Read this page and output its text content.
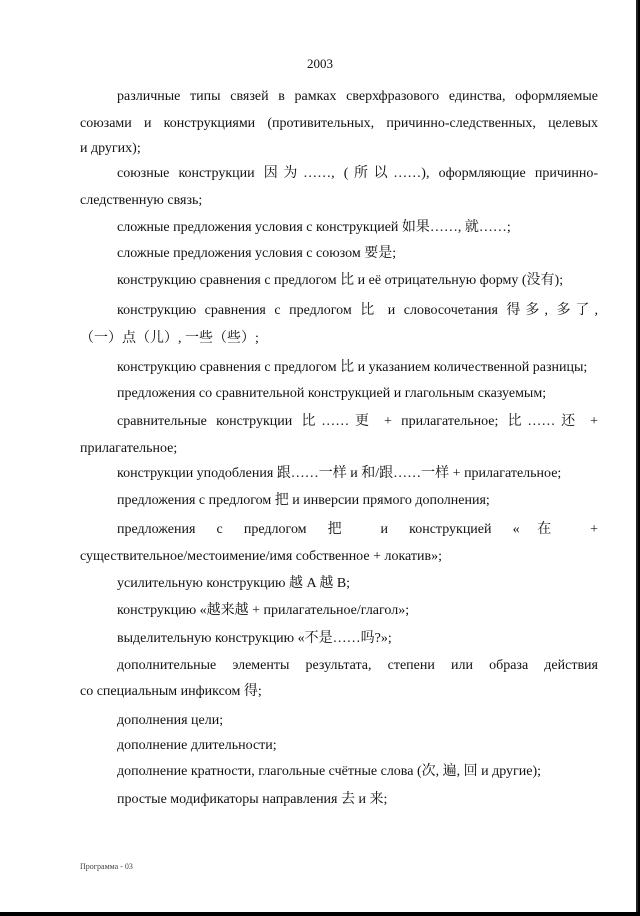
2003
различные типы связей в рамках сверхфразового единства, оформляемые
союзами и конструкциями (противительных, причинно-следственных, целевых
и других);
союзные конструкции 因为……, (所以……), оформляющие причинно-
следственную связь;
сложные предложения условия с конструкцией 如果……, 就……;
сложные предложения условия с союзом 要是;
конструкцию сравнения с предлогом 比 и её отрицательную форму (没有);
конструкцию сравнения с предлогом 比 и словосочетания 得多, 多了,
（一）点（儿）, 一些（些）;
конструкцию сравнения с предлогом 比 и указанием количественной разницы;
предложения со сравнительной конструкцией и глагольным сказуемым;
сравнительные конструкции 比……更 + прилагательное; 比……还 +
прилагательное;
конструкции уподобления 跟……一样 и 和/跟……一样 + прилагательное;
предложения с предлогом 把 и инверсии прямого дополнения;
предложения с предлогом 把 и конструкцией «在 +
существительное/местоимение/имя собственное + локатив»;
усилительную конструкцию 越 A 越 B;
конструкцию «越来越 + прилагательное/глагол»;
выделительную конструкцию «不是……吗?»;
дополнительные элементы результата, степени или образа действия
со специальным инфиксом 得;
дополнения цели;
дополнение длительности;
дополнение кратности, глагольные счётные слова (次, 遍, 回 и другие);
простые модификаторы направления 去 и 来;
Программа - 03
